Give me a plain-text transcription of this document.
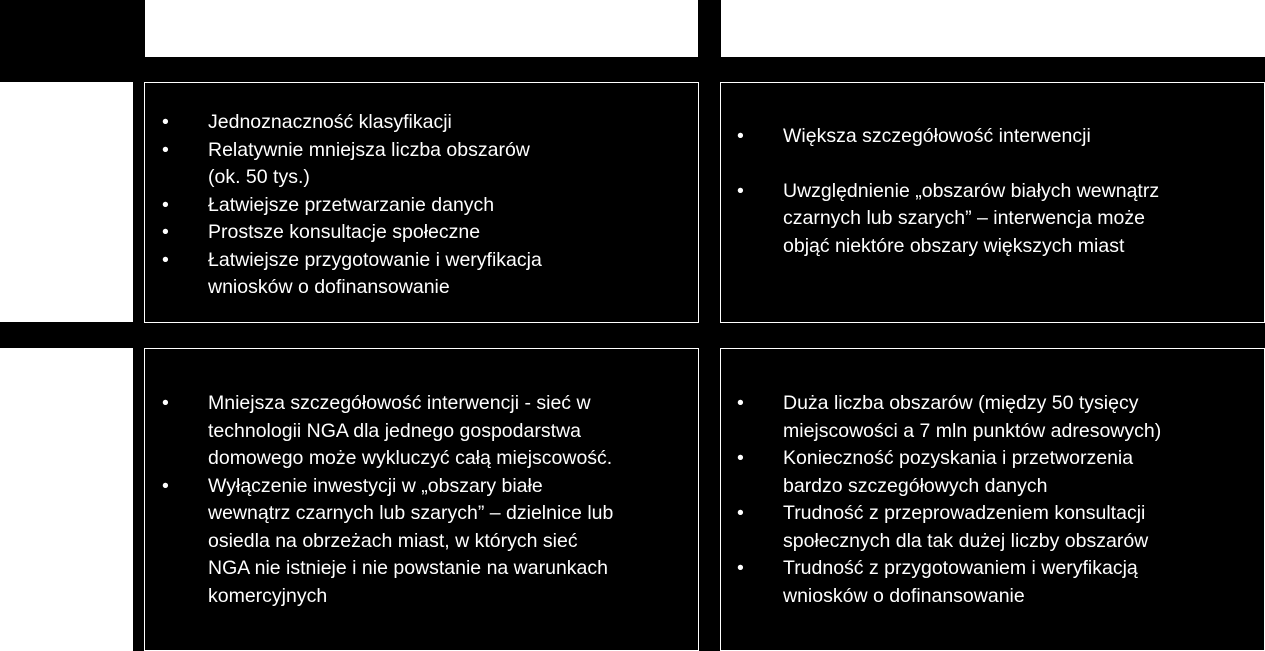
•	Jednoznaczność klasyfikacji
•	Relatywnie mniejsza liczba obszarów
(ok. 50 tys.)
•	Łatwiejsze przetwarzanie danych
•	Prostsze konsultacje społeczne
•	Łatwiejsze przygotowanie i weryfikacja
wniosków o dofinansowanie
•	Większa szczegółowość interwencji
•	Uwzględnienie „obszarów białych wewnątrz
czarnych lub szarych” – interwencja może
objąć niektóre obszary większych miast
•	Mniejsza szczegółowość interwencji - sieć w
technologii NGA dla jednego gospodarstwa
domowego może wykluczyć całą miejscowość.
•	Wyłączenie inwestycji w „obszary białe
wewnątrz czarnych lub szarych” – dzielnice lub
osiedla na obrzeżach miast, w których sieć
NGA nie istnieje i nie powstanie na warunkach
komercyjnych
•	Duża liczba obszarów (między 50 tysięcy
miejscowości a 7 mln punktów adresowych)
•	Konieczność pozyskania i przetworzenia
bardzo szczegółowych danych
•	Trudność z przeprowadzeniem konsultacji
społecznych dla tak dużej liczby obszarów
•	Trudność z przygotowaniem i weryfikacją
wniosków o dofinansowanie
